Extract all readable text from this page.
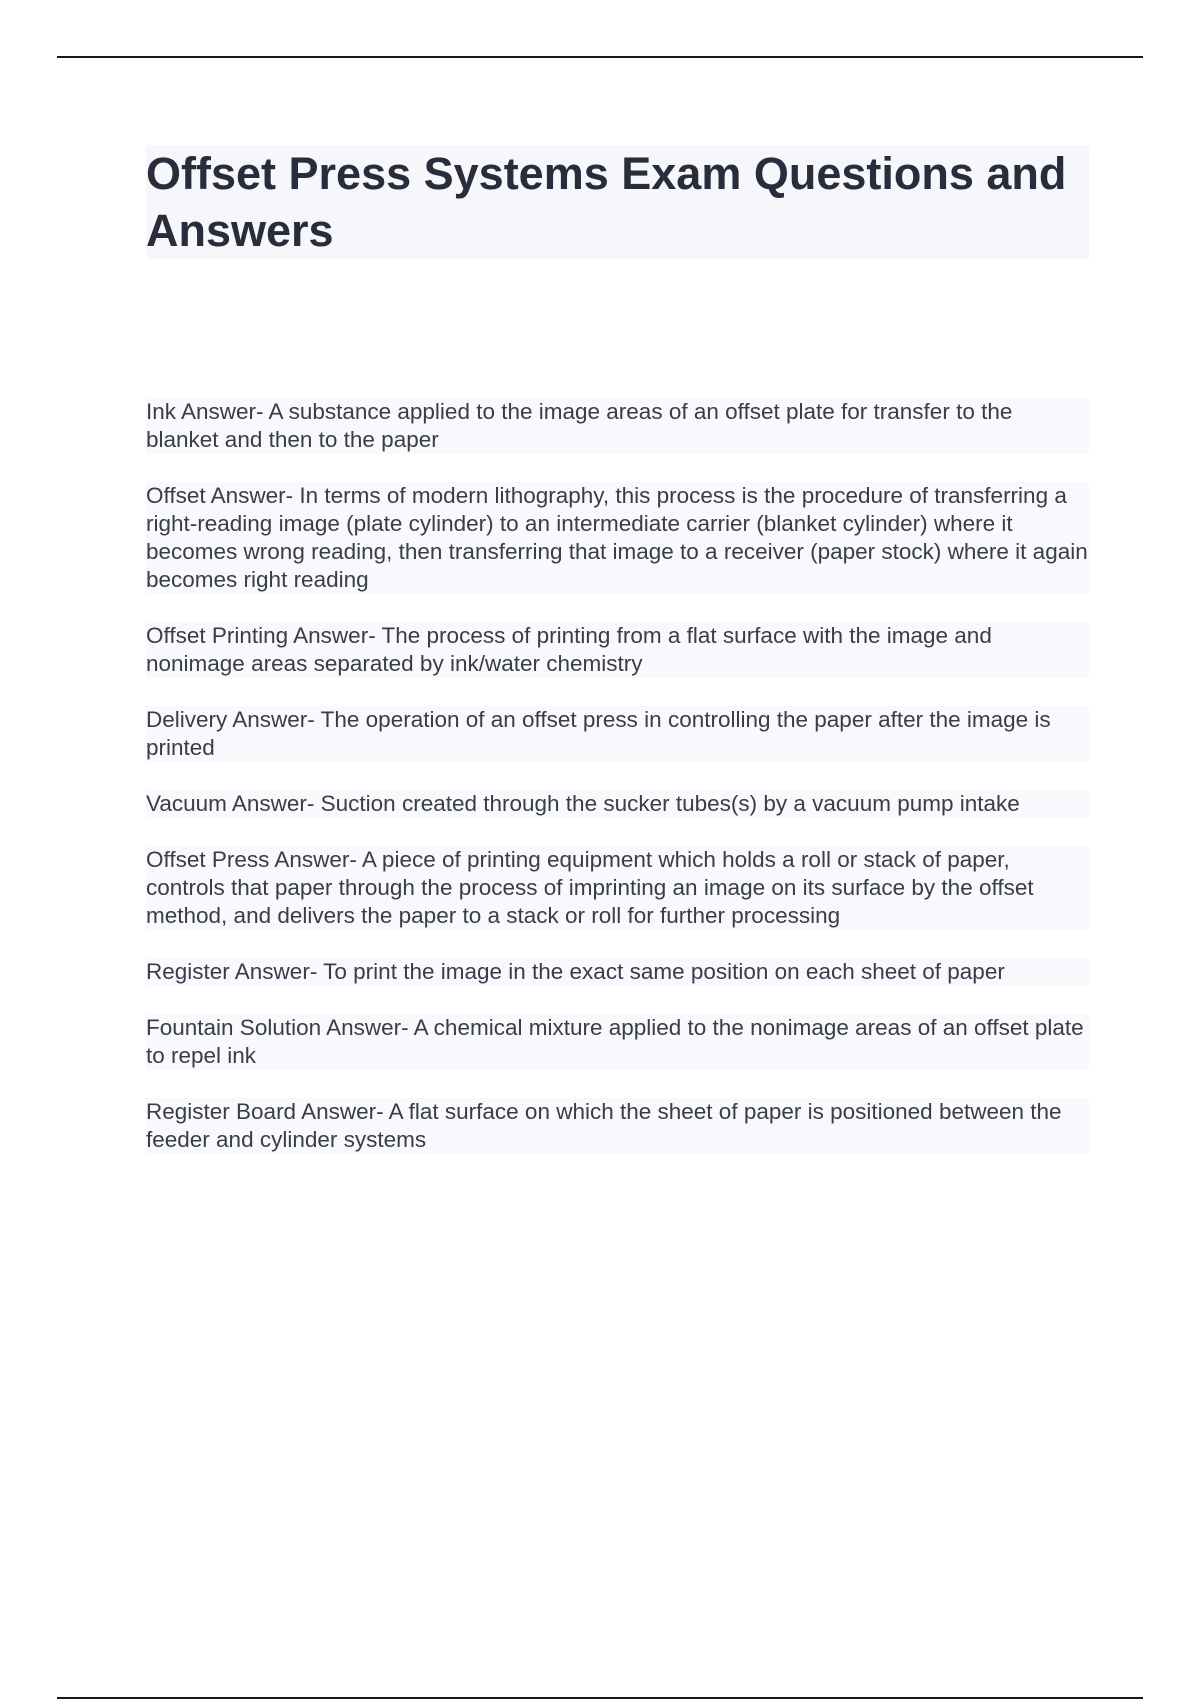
Offset Press Systems Exam Questions and Answers

Ink Answer- A substance applied to the image areas of an offset plate for transfer to the blanket and then to the paper

Offset Answer- In terms of modern lithography, this process is the procedure of transferring a right-reading image (plate cylinder) to an intermediate carrier (blanket cylinder) where it becomes wrong reading, then transferring that image to a receiver (paper stock) where it again becomes right reading

Offset Printing Answer- The process of printing from a flat surface with the image and nonimage areas separated by ink/water chemistry

Delivery Answer- The operation of an offset press in controlling the paper after the image is printed

Vacuum Answer- Suction created through the sucker tubes(s) by a vacuum pump intake

Offset Press Answer- A piece of printing equipment which holds a roll or stack of paper, controls that paper through the process of imprinting an image on its surface by the offset method, and delivers the paper to a stack or roll for further processing

Register Answer- To print the image in the exact same position on each sheet of paper

Fountain Solution Answer- A chemical mixture applied to the nonimage areas of an offset plate to repel ink

Register Board Answer- A flat surface on which the sheet of paper is positioned between the feeder and cylinder systems
